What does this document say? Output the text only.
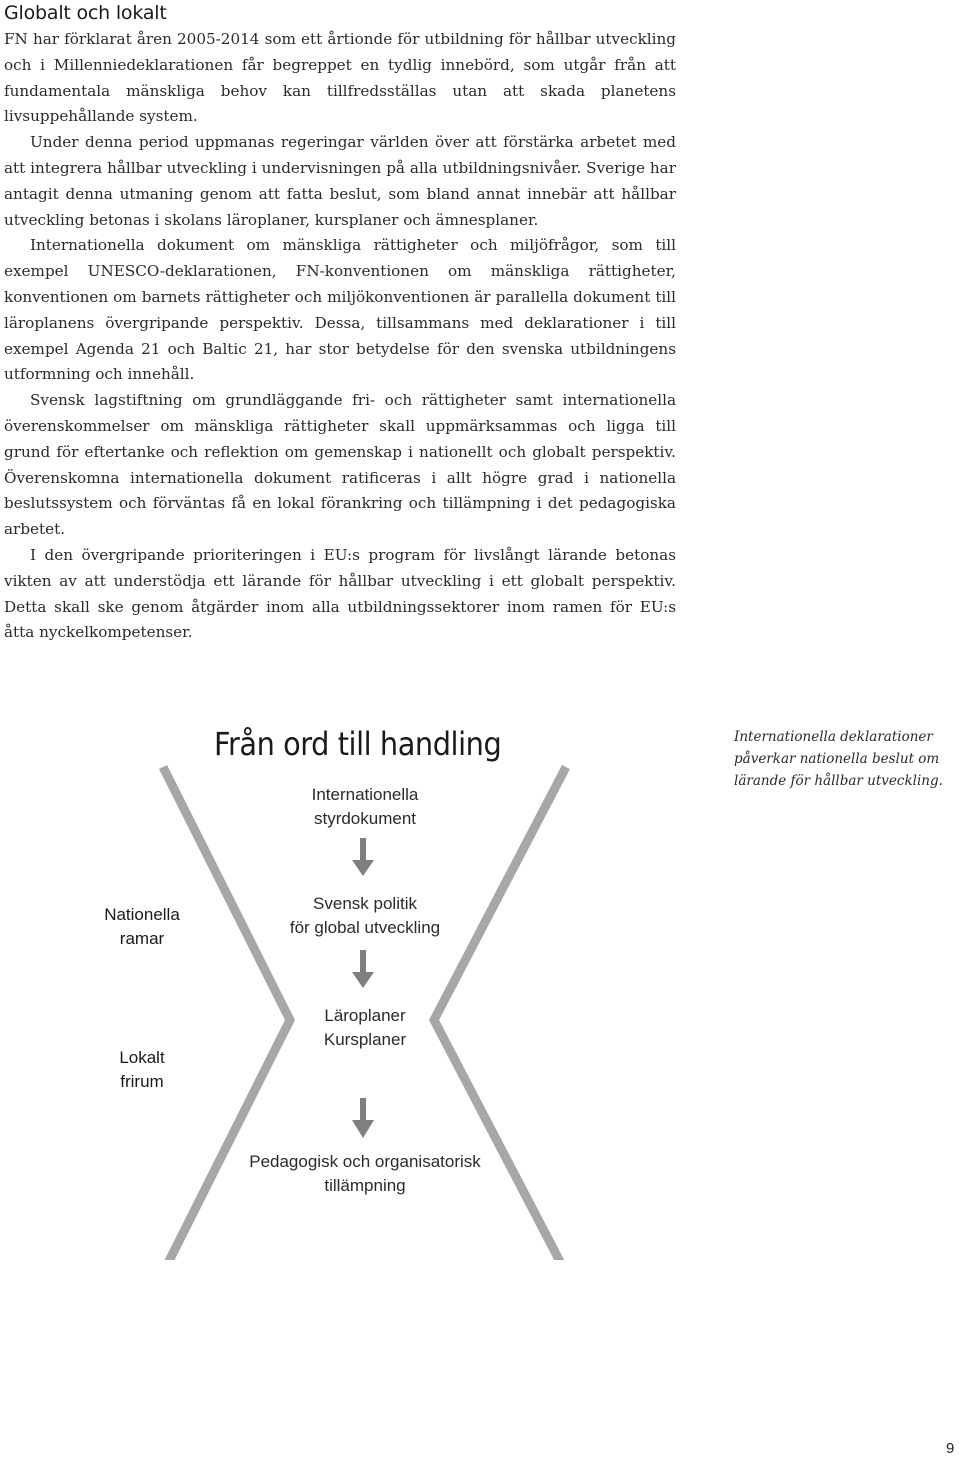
Globalt och lokalt

FN har förklarat åren 2005-2014 som ett årtionde för utbildning för hållbar utveckling och i Millenniedeklarationen får begreppet en tydlig innebörd, som utgår från att fundamentala mänskliga behov kan tillfredsställas utan att skada planetens livsuppehållande system.

Under denna period uppmanas regeringar världen över att förstärka arbetet med att integrera hållbar utveckling i undervisningen på alla utbildningsnivåer. Sverige har antagit denna utmaning genom att fatta beslut, som bland annat innebär att hållbar utveckling betonas i skolans läroplaner, kursplaner och ämnesplaner.

Internationella dokument om mänskliga rättigheter och miljöfrågor, som till exempel UNESCO-deklarationen, FN-konventionen om mänskliga rättigheter, konventionen om barnets rättigheter och miljökonventionen är parallella dokument till läroplanens övergripande perspektiv. Dessa, tillsammans med deklarationer i till exempel Agenda 21 och Baltic 21, har stor betydelse för den svenska utbildningens utformning och innehåll.

Svensk lagstiftning om grundläggande fri- och rättigheter samt internationella överenskommelser om mänskliga rättigheter skall uppmärksammas och ligga till grund för eftertanke och reflektion om gemenskap i nationellt och globalt perspektiv. Överenskomna internationella dokument ratificeras i allt högre grad i nationella beslutssystem och förväntas få en lokal förankring och tillämpning i det pedagogiska arbetet.

I den övergripande prioriteringen i EU:s program för livslångt lärande betonas vikten av att understödja ett lärande för hållbar utveckling i ett globalt perspektiv. Detta skall ske genom åtgärder inom alla utbildningssektorer inom ramen för EU:s åtta nyckelkompetenser.

Från ord till handling	Internationella deklarationer påverkar nationella beslut om lärande för hållbar utveckling.
Internationella
styrdokument
Svensk politik
för global utveckling
Läroplaner
Kursplaner
Pedagogisk och organisatorisk
tillämpning
Nationella
ramar
Lokalt
frirum
9
